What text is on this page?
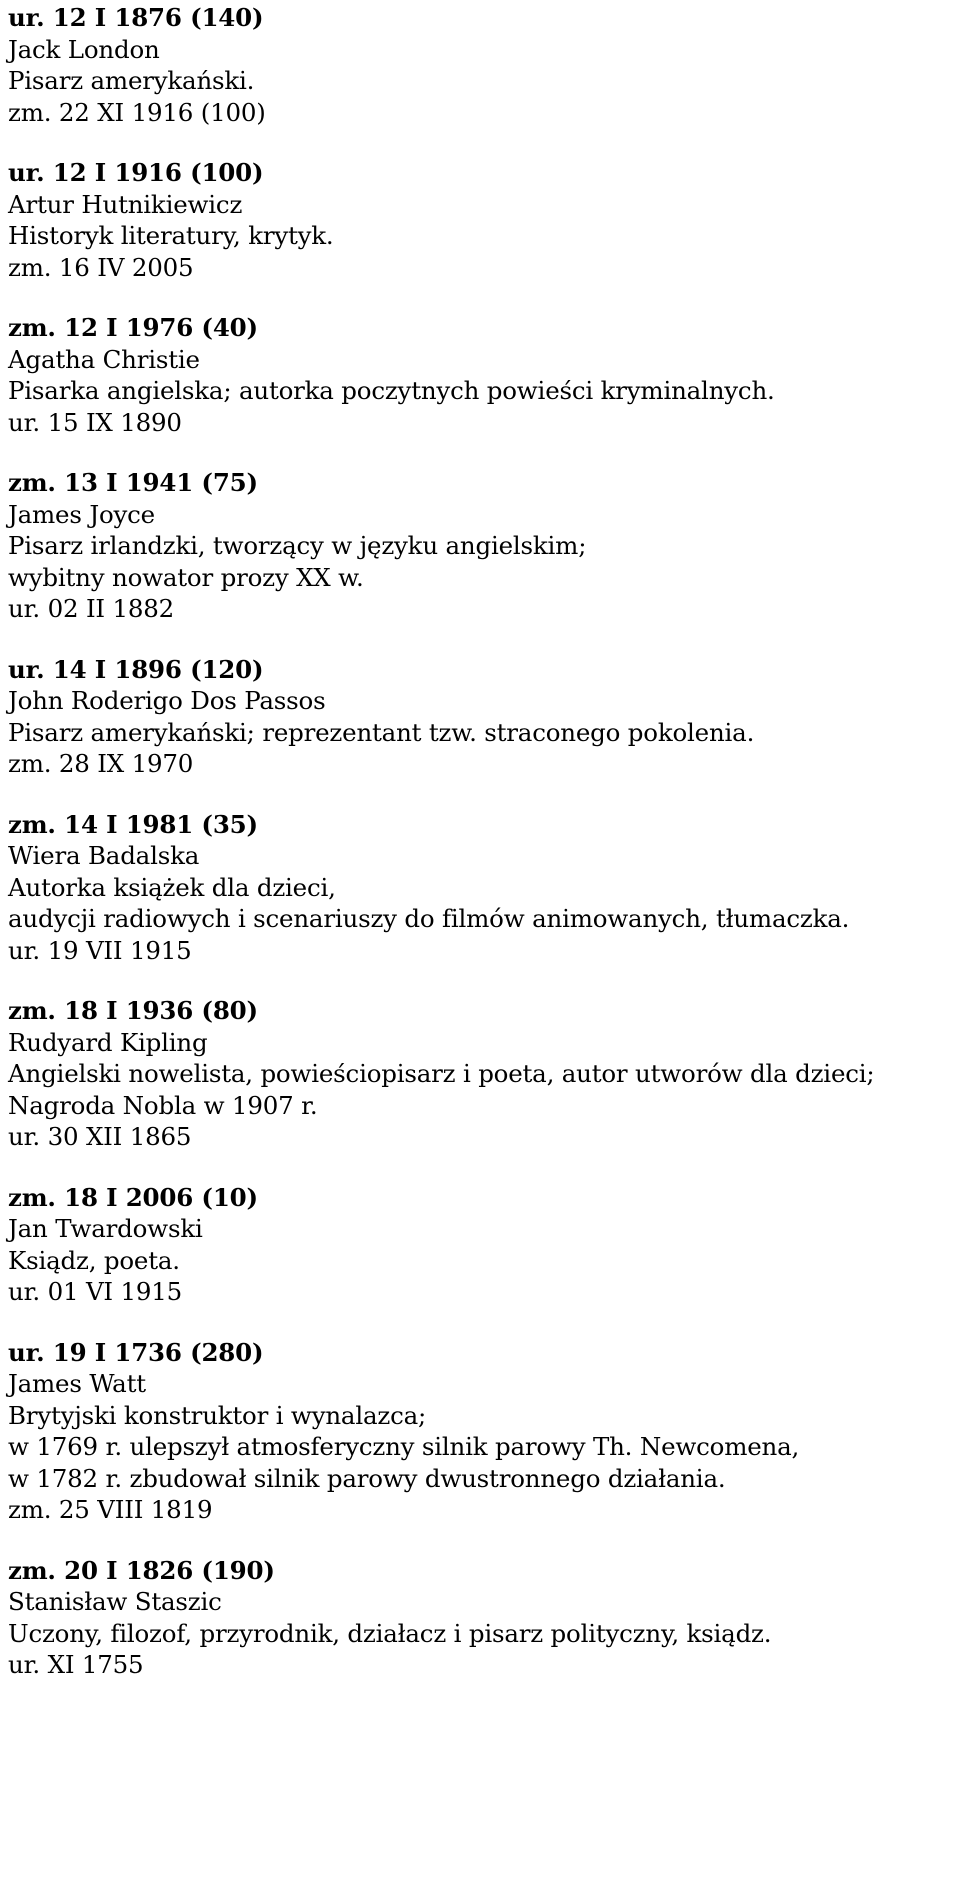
ur. 12 I 1876 (140)
Jack London
Pisarz amerykański.
zm. 22 XI 1916 (100)
ur. 12 I 1916 (100)
Artur Hutnikiewicz
Historyk literatury, krytyk.
zm. 16 IV 2005
zm. 12 I 1976 (40)
Agatha Christie
Pisarka angielska; autorka poczytnych powieści kryminalnych.
ur. 15 IX 1890
zm. 13 I 1941 (75)
James Joyce
Pisarz irlandzki, tworzący w języku angielskim;
wybitny nowator prozy XX w.
ur. 02 II 1882
ur. 14 I 1896 (120)
John Roderigo Dos Passos
Pisarz amerykański; reprezentant tzw. straconego pokolenia.
zm. 28 IX 1970
zm. 14 I 1981 (35)
Wiera Badalska
Autorka książek dla dzieci,
audycji radiowych i scenariuszy do filmów animowanych, tłumaczka.
ur. 19 VII 1915
zm. 18 I 1936 (80)
Rudyard Kipling
Angielski nowelista, powieściopisarz i poeta, autor utworów dla dzieci;
Nagroda Nobla w 1907 r.
ur. 30 XII 1865
zm. 18 I 2006 (10)
Jan Twardowski
Ksiądz, poeta.
ur. 01 VI 1915
ur. 19 I 1736 (280)
James Watt
Brytyjski konstruktor i wynalazca;
w 1769 r. ulepszył atmosferyczny silnik parowy Th. Newcomena,
w 1782 r. zbudował silnik parowy dwustronnego działania.
zm. 25 VIII 1819
zm. 20 I 1826 (190)
Stanisław Staszic
Uczony, filozof, przyrodnik, działacz i pisarz polityczny, ksiądz.
ur. XI 1755
